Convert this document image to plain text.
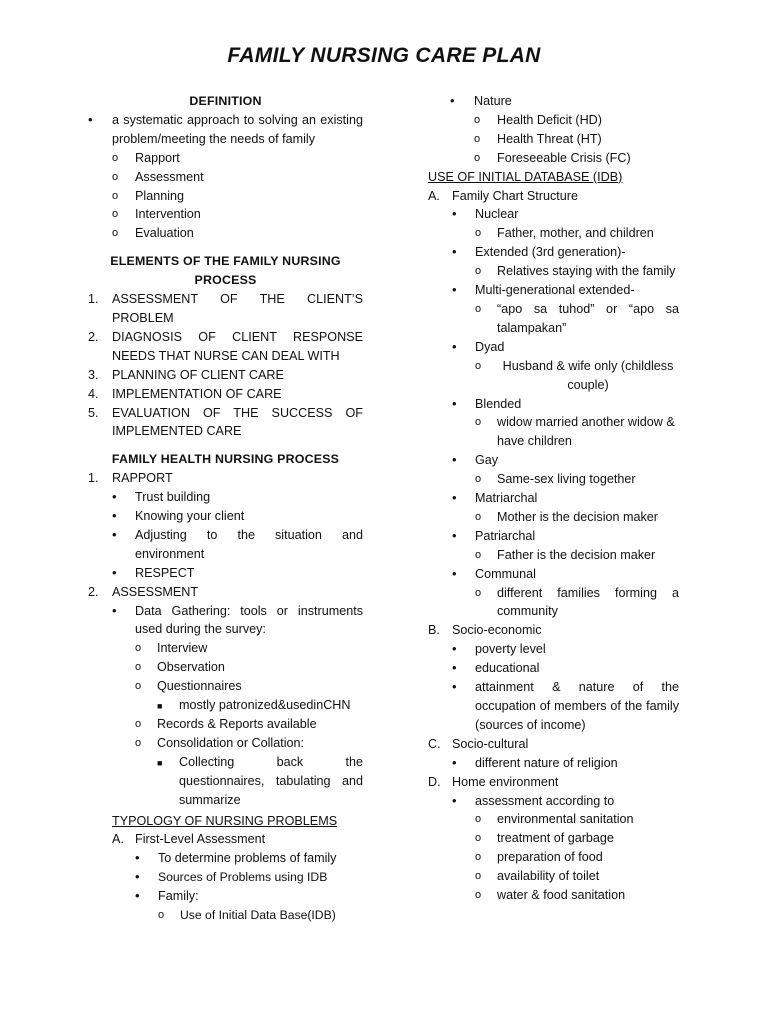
FAMILY NURSING CARE PLAN
DEFINITION
•	a systematic approach to solving an existing problem/meeting the needs of family
o	Rapport
o	Assessment
o	Planning
o	Intervention
o	Evaluation
ELEMENTS OF THE FAMILY NURSING PROCESS
1.	ASSESSMENT OF THE CLIENT’S PROBLEM
2.	DIAGNOSIS OF CLIENT RESPONSE NEEDS THAT NURSE CAN DEAL WITH
3.	PLANNING OF CLIENT CARE
4.	IMPLEMENTATION OF CARE
5.	EVALUATION OF THE SUCCESS OF IMPLEMENTED CARE
FAMILY HEALTH NURSING PROCESS
1.	RAPPORT
•	Trust building
•	Knowing your client
•	Adjusting to the situation and environment
•	RESPECT
2.	ASSESSMENT
•	Data Gathering: tools or instruments used during the survey:
o	Interview
o	Observation
o	Questionnaires
■	mostly patronized&usedinCHN
o	Records & Reports available
o	Consolidation or Collation:
■	Collecting back the questionnaires, tabulating and summarize
TYPOLOGY OF NURSING PROBLEMS
A. First-Level Assessment
•	To determine problems of family
•	Sources of Problems using IDB
•	Family:
o	Use of Initial Data Base(IDB)
•	Nature
o	Health Deficit (HD)
o	Health Threat (HT)
o	Foreseeable Crisis (FC)
USE OF INITIAL DATABASE (IDB)
A. Family Chart Structure
•	Nuclear
o	Father, mother, and children
•	Extended (3rd generation)-
o	Relatives staying with the family
•	Multi-generational extended-
o	“apo sa tuhod” or “apo sa talampakan”
•	Dyad
o	Husband & wife only (childless couple)
•	Blended
o	widow married another widow & have children
•	Gay
o	Same-sex living together
•	Matriarchal
o	Mother is the decision maker
•	Patriarchal
o	Father is the decision maker
•	Communal
o	different families forming a community
B. Socio-economic
•	poverty level
•	educational
•	attainment & nature of the occupation of members of the family (sources of income)
C. Socio-cultural
•	different nature of religion
D. Home environment
•	assessment according to
o	environmental sanitation
o	treatment of garbage
o	preparation of food
o	availability of toilet
o	water & food sanitation
